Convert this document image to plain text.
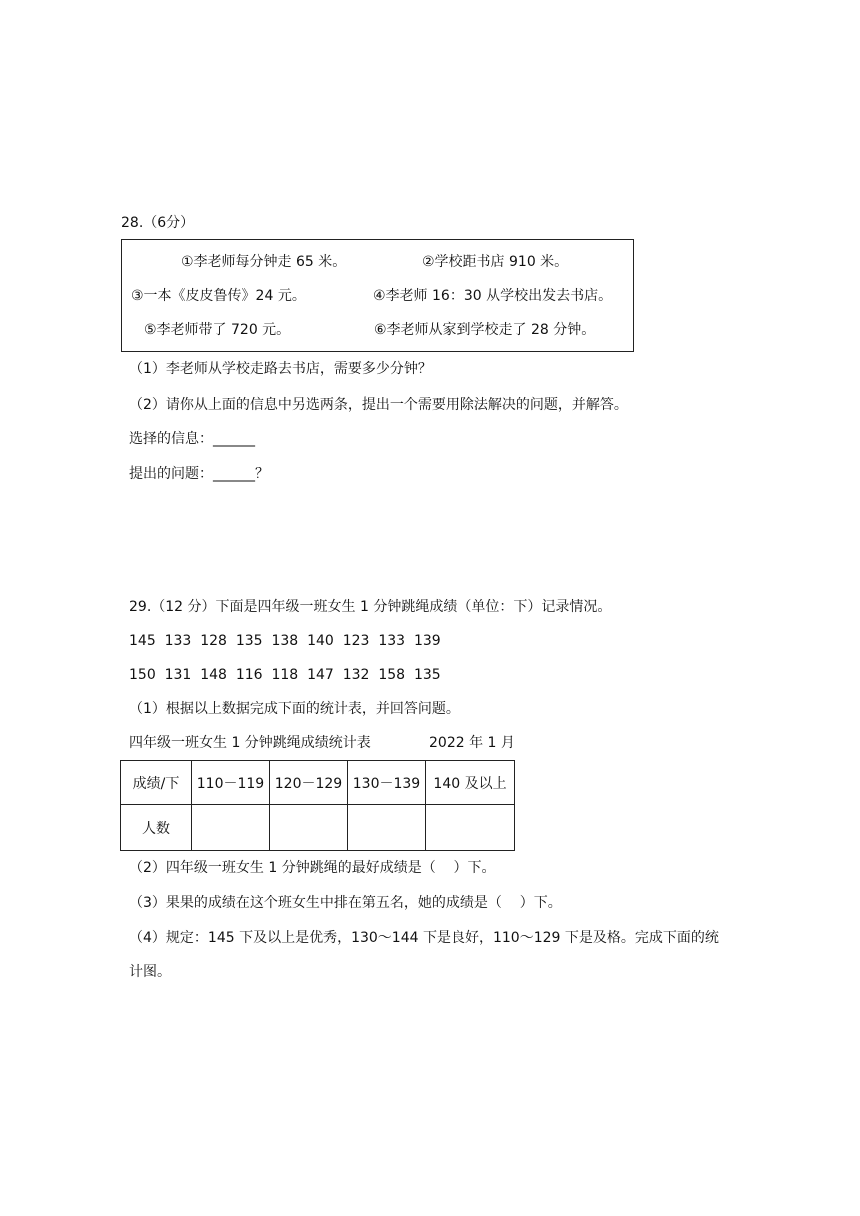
28.（6分）
①李老师每分钟走 65 米。	②学校距书店 910 米。
③一本《皮皮鲁传》24 元。	④李老师 16：30 从学校出发去书店。
⑤李老师带了 720 元。	⑥李老师从家到学校走了 28 分钟。
（1）李老师从学校走路去书店，需要多少分钟？
（2）请你从上面的信息中另选两条，提出一个需要用除法解决的问题，并解答。
选择的信息：______
提出的问题：______？
29.（12 分）下面是四年级一班女生 1 分钟跳绳成绩（单位：下）记录情况。
145  133  128  135  138  140  123  133  139
150  131  148  116  118  147  132  158  135
（1）根据以上数据完成下面的统计表，并回答问题。
四年级一班女生 1 分钟跳绳成绩统计表	2022 年 1 月
成绩/下	110－119	120－129	130－139	140 及以上
人数				
（2）四年级一班女生 1 分钟跳绳的最好成绩是（    ）下。
（3）果果的成绩在这个班女生中排在第五名，她的成绩是（    ）下。
（4）规定：145 下及以上是优秀，130～144 下是良好，110～129 下是及格。完成下面的统
计图。
